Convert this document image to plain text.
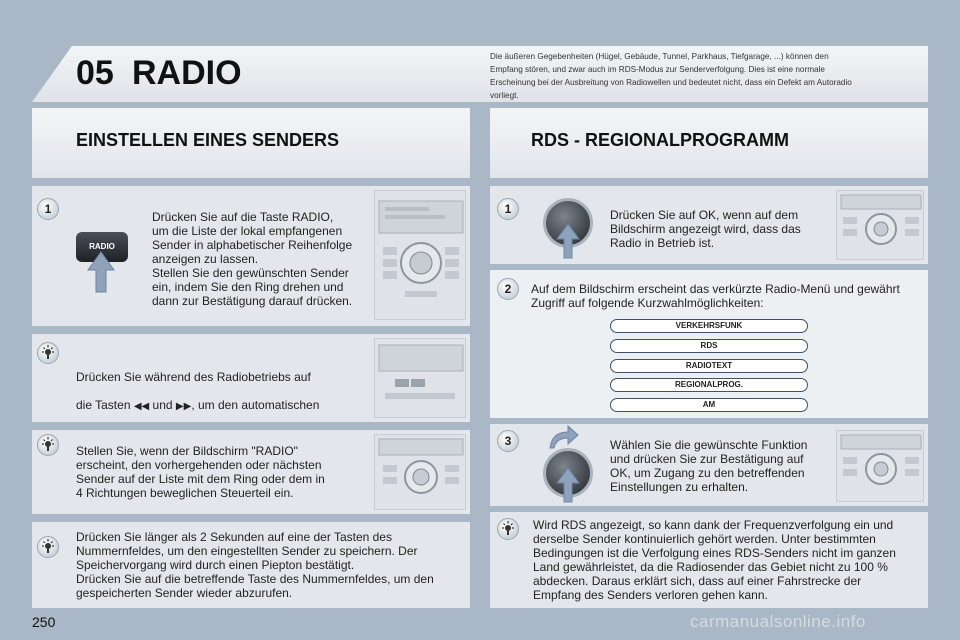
05 RADIO	Die äußeren Gegebenheiten (Hügel, Gebäude, Tunnel, Parkhaus, Tiefgarage, ...) können den Empfang stören, und zwar auch im RDS-Modus zur Senderverfolgung. Dies ist eine normale Erscheinung bei der Ausbreitung von Radiowellen und bedeutet nicht, dass ein Defekt am Autoradio vorliegt.
EINSTELLEN EINES SENDERS	RDS - REGIONALPROGRAMM
1
RADIO
Drücken Sie auf die Taste RADIO,
um die Liste der lokal empfangenen
Sender in alphabetischer Reihenfolge
anzeigen zu lassen.
Stellen Sie den gewünschten Sender
ein, indem Sie den Ring drehen und
dann zur Bestätigung darauf drücken.

Drücken Sie während des Radiobetriebs auf

die Tasten ◀◀ und ▶▶, um den automatischen

Stellen Sie, wenn der Bildschirm "RADIO"
erscheint, den vorhergehenden oder nächsten
Sender auf der Liste mit dem Ring oder dem in
4 Richtungen beweglichen Steuerteil ein.
Drücken Sie länger als 2 Sekunden auf eine der Tasten des
Nummernfeldes, um den eingestellten Sender zu speichern. Der
Speichervorgang wird durch einen Piepton bestätigt.
Drücken Sie auf die betreffende Taste des Nummernfeldes, um den
gespeicherten Sender wieder abzurufen.
1	Drücken Sie auf OK, wenn auf dem
Bildschirm angezeigt wird, dass das
Radio in Betrieb ist.
2	Auf dem Bildschirm erscheint das verkürzte Radio-Menü und gewährt
Zugriff auf folgende Kurzwahlmöglichkeiten:
VERKEHRSFUNK
RDS
RADIOTEXT
REGIONALPROG.
AM
3	Wählen Sie die gewünschte Funktion
und drücken Sie zur Bestätigung auf
OK, um Zugang zu den betreffenden
Einstellungen zu erhalten.
Wird RDS angezeigt, so kann dank der Frequenzverfolgung ein und
derselbe Sender kontinuierlich gehört werden. Unter bestimmten
Bedingungen ist die Verfolgung eines RDS-Senders nicht im ganzen
Land gewährleistet, da die Radiosender das Gebiet nicht zu 100 %
abdecken. Daraus erklärt sich, dass auf einer Fahrstrecke der
Empfang des Senders verloren gehen kann.
250	carmanualsonline.info
